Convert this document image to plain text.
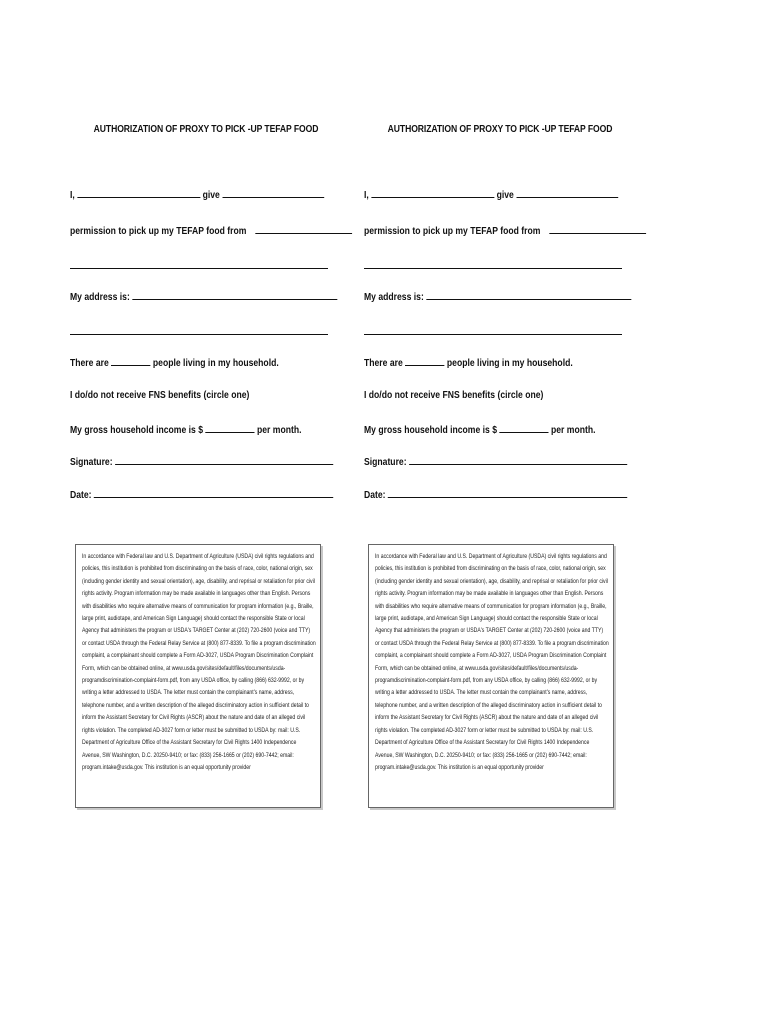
AUTHORIZATION OF PROXY TO PICK -UP TEFAP FOOD
I,	give
permission to pick up my TEFAP food from
My address is:
There are	people living in my household.
I do/do not receive FNS benefits (circle one)
My gross household income is $	per month.
Signature:
Date:
In accordance with Federal law and U.S. Department of Agriculture (USDA) civil rights regulations and policies, this institution is prohibited from discriminating on the basis of race, color, national origin, sex (including gender identity and sexual orientation), age, disability, and reprisal or retaliation for prior civil rights activity. Program information may be made available in languages other than English. Persons with disabilities who require alternative means of communication for program information (e.g., Braille, large print, audiotape, and American Sign Language) should contact the responsible State or local Agency that administers the program or USDA's TARGET Center at (202) 720-2600 (voice and TTY) or contact USDA through the Federal Relay Service at (800) 877-8339. To file a program discrimination complaint, a complainant should complete a Form AD-3027, USDA Program Discrimination Complaint Form, which can be obtained online, at www.usda.gov/sites/default/files/documents/usda-programdiscrimination-complaint-form.pdf, from any USDA office, by calling (866) 632-9992, or by writing a letter addressed to USDA. The letter must contain the complainant's name, address, telephone number, and a written description of the alleged discriminatory action in sufficient detail to inform the Assistant Secretary for Civil Rights (ASCR) about the nature and date of an alleged civil rights violation. The completed AD-3027 form or letter must be submitted to USDA by: mail: U.S. Department of Agriculture Office of the Assistant Secretary for Civil Rights 1400 Independence Avenue, SW Washington, D.C. 20250-9410; or fax: (833) 256-1665 or (202) 690-7442; email: program.intake@usda.gov. This institution is an equal opportunity provider
AUTHORIZATION OF PROXY TO PICK -UP TEFAP FOOD
I,	give
permission to pick up my TEFAP food from
My address is:
There are	people living in my household.
I do/do not receive FNS benefits (circle one)
My gross household income is $	per month.
Signature:
Date:
In accordance with Federal law and U.S. Department of Agriculture (USDA) civil rights regulations and policies, this institution is prohibited from discriminating on the basis of race, color, national origin, sex (including gender identity and sexual orientation), age, disability, and reprisal or retaliation for prior civil rights activity. Program information may be made available in languages other than English. Persons with disabilities who require alternative means of communication for program information (e.g., Braille, large print, audiotape, and American Sign Language) should contact the responsible State or local Agency that administers the program or USDA's TARGET Center at (202) 720-2600 (voice and TTY) or contact USDA through the Federal Relay Service at (800) 877-8339. To file a program discrimination complaint, a complainant should complete a Form AD-3027, USDA Program Discrimination Complaint Form, which can be obtained online, at www.usda.gov/sites/default/files/documents/usda-programdiscrimination-complaint-form.pdf, from any USDA office, by calling (866) 632-9992, or by writing a letter addressed to USDA. The letter must contain the complainant's name, address, telephone number, and a written description of the alleged discriminatory action in sufficient detail to inform the Assistant Secretary for Civil Rights (ASCR) about the nature and date of an alleged civil rights violation. The completed AD-3027 form or letter must be submitted to USDA by: mail: U.S. Department of Agriculture Office of the Assistant Secretary for Civil Rights 1400 Independence Avenue, SW Washington, D.C. 20250-9410; or fax: (833) 256-1665 or (202) 690-7442; email: program.intake@usda.gov. This institution is an equal opportunity provider
